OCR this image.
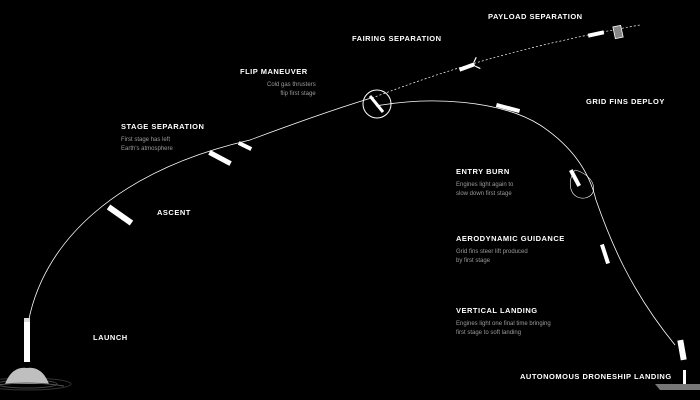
LAUNCH
ASCENT
STAGE SEPARATION
First stage has left
Earth's atmosphere
FLIP MANEUVER
Cold gas thrusters
flip first stage
FAIRING SEPARATION
PAYLOAD SEPARATION
GRID FINS DEPLOY
ENTRY BURN
Engines light again to
slow down first stage
AERODYNAMIC GUIDANCE
Grid fins steer lift produced
by first stage
VERTICAL LANDING
Engines light one final time bringing
first stage to soft landing
AUTONOMOUS DRONESHIP LANDING
